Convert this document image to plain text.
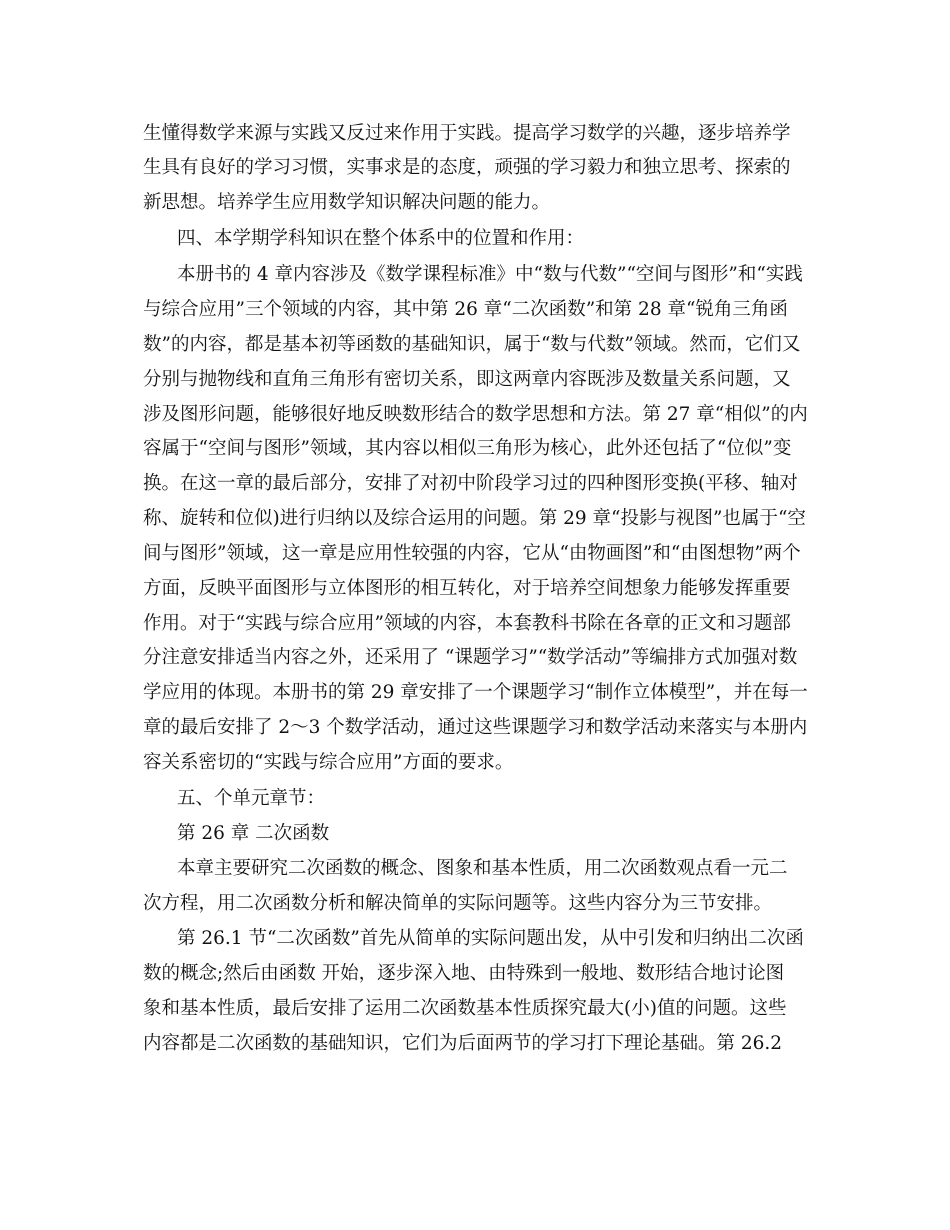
生懂得数学来源与实践又反过来作用于实践。提高学习数学的兴趣，逐步培养学
生具有良好的学习习惯，实事求是的态度，顽强的学习毅力和独立思考、探索的
新思想。培养学生应用数学知识解决问题的能力。
四、本学期学科知识在整个体系中的位置和作用：
本册书的 4 章内容涉及《数学课程标准》中“数与代数”“空间与图形”和“实践
与综合应用”三个领域的内容，其中第 26 章“二次函数”和第 28 章“锐角三角函
数”的内容，都是基本初等函数的基础知识，属于“数与代数”领域。然而，它们又
分别与抛物线和直角三角形有密切关系，即这两章内容既涉及数量关系问题，又
涉及图形问题，能够很好地反映数形结合的数学思想和方法。第 27 章“相似”的内
容属于“空间与图形”领域，其内容以相似三角形为核心，此外还包括了“位似”变
换。在这一章的最后部分，安排了对初中阶段学习过的四种图形变换(平移、轴对
称、旋转和位似)进行归纳以及综合运用的问题。第 29 章“投影与视图”也属于“空
间与图形”领域，这一章是应用性较强的内容，它从“由物画图”和“由图想物”两个
方面，反映平面图形与立体图形的相互转化，对于培养空间想象力能够发挥重要
作用。对于“实践与综合应用”领域的内容，本套教科书除在各章的正文和习题部
分注意安排适当内容之外，还采用了 “课题学习”“数学活动”等编排方式加强对数
学应用的体现。本册书的第 29 章安排了一个课题学习“制作立体模型”，并在每一
章的最后安排了 2～3 个数学活动，通过这些课题学习和数学活动来落实与本册内
容关系密切的“实践与综合应用”方面的要求。
五、个单元章节：
第 26 章 二次函数
本章主要研究二次函数的概念、图象和基本性质，用二次函数观点看一元二
次方程，用二次函数分析和解决简单的实际问题等。这些内容分为三节安排。
第 26.1 节“二次函数”首先从简单的实际问题出发，从中引发和归纳出二次函
数的概念;然后由函数 开始，逐步深入地、由特殊到一般地、数形结合地讨论图
象和基本性质，最后安排了运用二次函数基本性质探究最大(小)值的问题。这些
内容都是二次函数的基础知识，它们为后面两节的学习打下理论基础。第 26.2
